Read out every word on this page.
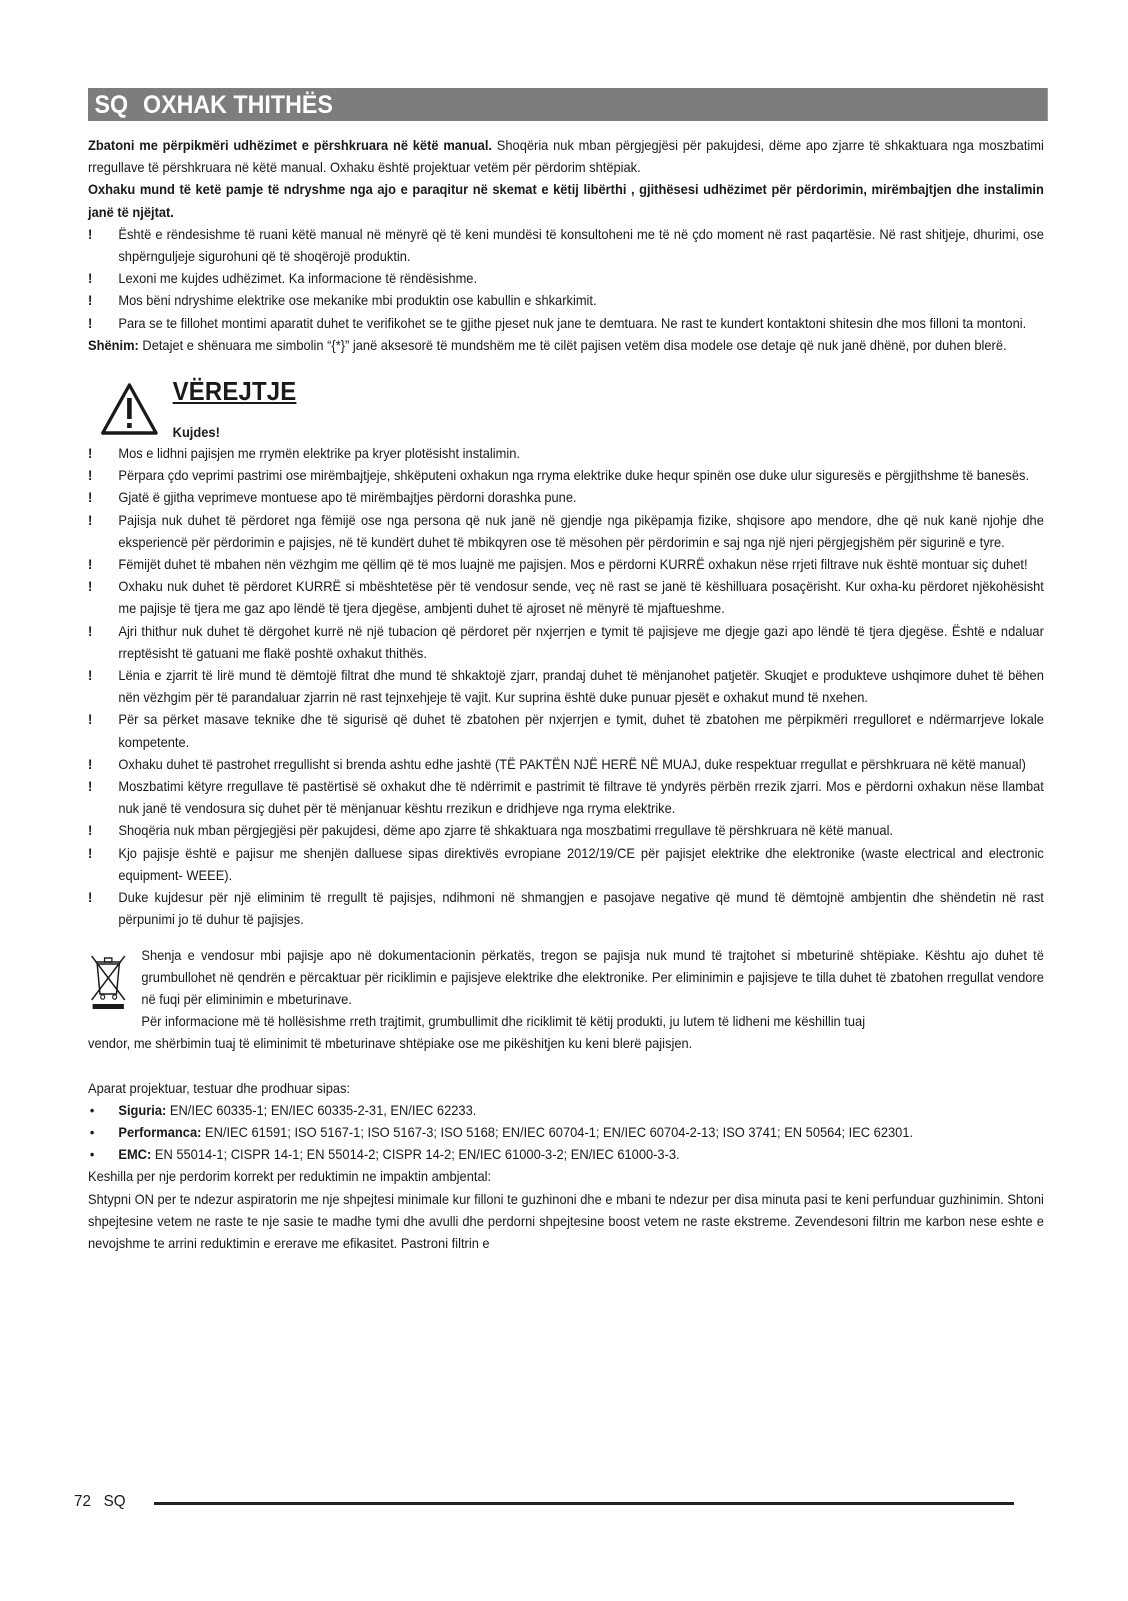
SQ OXHAK THITHËS

Zbatoni me përpikmëri udhëzimet e përshkruara në këtë manual. Shoqëria nuk mban përgjegjësi për pakujdesi, dëme apo zjarre të shkaktuara nga moszbatimi rregullave të përshkruara në këtë manual. Oxhaku është projektuar vetëm për përdorim shtëpiak.

Oxhaku mund të ketë pamje të ndryshme nga ajo e paraqitur në skemat e këtij libërthi , gjithësesi udhëzimet për përdorimin, mirëmbajtjen dhe instalimin janë të njëjtat.

! Është e rëndesishme të ruani këtë manual në mënyrë që të keni mundësi të konsultoheni me të në çdo moment në rast paqartësie. Në rast shitjeje, dhurimi, ose shpërnguljeje sigurohuni që të shoqërojë produktin.
! Lexoni me kujdes udhëzimet. Ka informacione të rëndësishme.
! Mos bëni ndryshime elektrike ose mekanike mbi produktin ose kabullin e shkarkimit.
! Para se te fillohet montimi aparatit duhet te verifikohet se te gjithe pjeset nuk jane te demtuara. Ne rast te kundert kontaktoni shitesin dhe mos filloni ta montoni.

Shënim: Detajet e shënuara me simbolin “{*}” janë aksesorë të mundshëm me të cilët pajisen vetëm disa modele ose detaje që nuk janë dhënë, por duhen blerë.

VËREJTJE
Kujdes!
! Mos e lidhni pajisjen me rrymën elektrike pa kryer plotësisht instalimin.
! Përpara çdo veprimi pastrimi ose mirëmbajtjeje, shkëputeni oxhakun nga rryma elektrike duke hequr spinën ose duke ulur siguresës e përgjithshme të banesës.
! Gjatë ë gjitha veprimeve montuese apo të mirëmbajtjes përdorni dorashka pune.
! Pajisja nuk duhet të përdoret nga fëmijë ose nga persona që nuk janë në gjendje nga pikëpamja fizike, shqisore apo mendore, dhe që nuk kanë njohje dhe eksperiencë për përdorimin e pajisjes, në të kundërt duhet të mbikqyren ose të mësohen për përdorimin e saj nga një njeri përgjegjshëm për sigurinë e tyre.
! Fëmijët duhet të mbahen nën vëzhgim me qëllim që të mos luajnë me pajisjen. Mos e përdorni KURRË oxhakun nëse rrjeti filtrave nuk është montuar siç duhet!
! Oxhaku nuk duhet të përdoret KURRË si mbështetëse për të vendosur sende, veç në rast se janë të këshilluara posaçërisht. Kur oxha-ku përdoret njëkohësisht me pajisje të tjera me gaz apo lëndë të tjera djegëse, ambjenti duhet të ajroset në mënyrë të mjaftueshme.
! Ajri thithur nuk duhet të dërgohet kurrë në një tubacion që përdoret për nxjerrjen e tymit të pajisjeve me djegje gazi apo lëndë të tjera djegëse. Është e ndaluar rreptësisht të gatuani me flakë poshtë oxhakut thithës.
! Lënia e zjarrit të lirë mund të dëmtojë filtrat dhe mund të shkaktojë zjarr, prandaj duhet të mënjanohet patjetër. Skuqjet e produkteve ushqimore duhet të bëhen nën vëzhgim për të parandaluar zjarrin në rast tejnxehjeje të vajit. Kur suprina është duke punuar pjesët e oxhakut mund të nxehen.
! Për sa përket masave teknike dhe të sigurisë që duhet të zbatohen për nxjerrjen e tymit, duhet të zbatohen me përpikmëri rregulloret e ndërmarrjeve lokale kompetente.
! Oxhaku duhet të pastrohet rregullisht si brenda ashtu edhe jashtë (TË PAKTËN NJË HERË NË MUAJ, duke respektuar rregullat e përshkruara në këtë manual)
! Moszbatimi këtyre rregullave të pastërtisë së oxhakut dhe të ndërrimit e pastrimit të filtrave të yndyrës përbën rrezik zjarri. Mos e përdorni oxhakun nëse llambat nuk janë të vendosura siç duhet për të mënjanuar kështu rrezikun e dridhjeve nga rryma elektrike.
! Shoqëria nuk mban përgjegjësi për pakujdesi, dëme apo zjarre të shkaktuara nga moszbatimi rregullave të përshkruara në këtë manual.
! Kjo pajisje është e pajisur me shenjën dalluese sipas direktivës evropiane 2012/19/CE për pajisjet elektrike dhe elektronike (waste electrical and electronic equipment- WEEE).
! Duke kujdesur për një eliminim të rregullt të pajisjes, ndihmoni në shmangjen e pasojave negative që mund të dëmtojnë ambjentin dhe shëndetin në rast përpunimi jo të duhur të pajisjes.

Shenja e vendosur mbi pajisje apo në dokumentacionin përkatës, tregon se pajisja nuk mund të trajtohet si mbeturinë shtëpiake. Kështu ajo duhet të grumbullohet në qendrën e përcaktuar për riciklimin e pajisjeve elektrike dhe elektronike. Per eliminimin e pajisjeve te tilla duhet të zbatohen rregullat vendore në fuqi për eliminimin e mbeturinave.

Për informacione më të hollësishme rreth trajtimit, grumbullimit dhe riciklimit të këtij produkti, ju lutem të lidheni me këshillin tuaj

vendor, me shërbimin tuaj të eliminimit të mbeturinave shtëpiake ose me pikëshitjen ku keni blerë pajisjen.

Aparat projektuar, testuar dhe prodhuar sipas:

• Siguria: EN/IEC 60335-1; EN/IEC 60335-2-31, EN/IEC 62233.
• Performanca: EN/IEC 61591; ISO 5167-1; ISO 5167-3; ISO 5168; EN/IEC 60704-1; EN/IEC 60704-2-13; ISO 3741; EN 50564; IEC 62301.
• EMC: EN 55014-1; CISPR 14-1; EN 55014-2; CISPR 14-2; EN/IEC 61000-3-2; EN/IEC 61000-3-3.

Keshilla per nje perdorim korrekt per reduktimin ne impaktin ambjental:

Shtypni ON per te ndezur aspiratorin me nje shpejtesi minimale kur filloni te guzhinoni dhe e mbani te ndezur per disa minuta pasi te keni perfunduar guzhinimin. Shtoni shpejtesine vetem ne raste te nje sasie te madhe tymi dhe avulli dhe perdorni shpejtesine boost vetem ne raste ekstreme. Zevendesoni filtrin me karbon nese eshte e nevojshme te arrini reduktimin e ererave me efikasitet. Pastroni filtrin e

72 SQ
